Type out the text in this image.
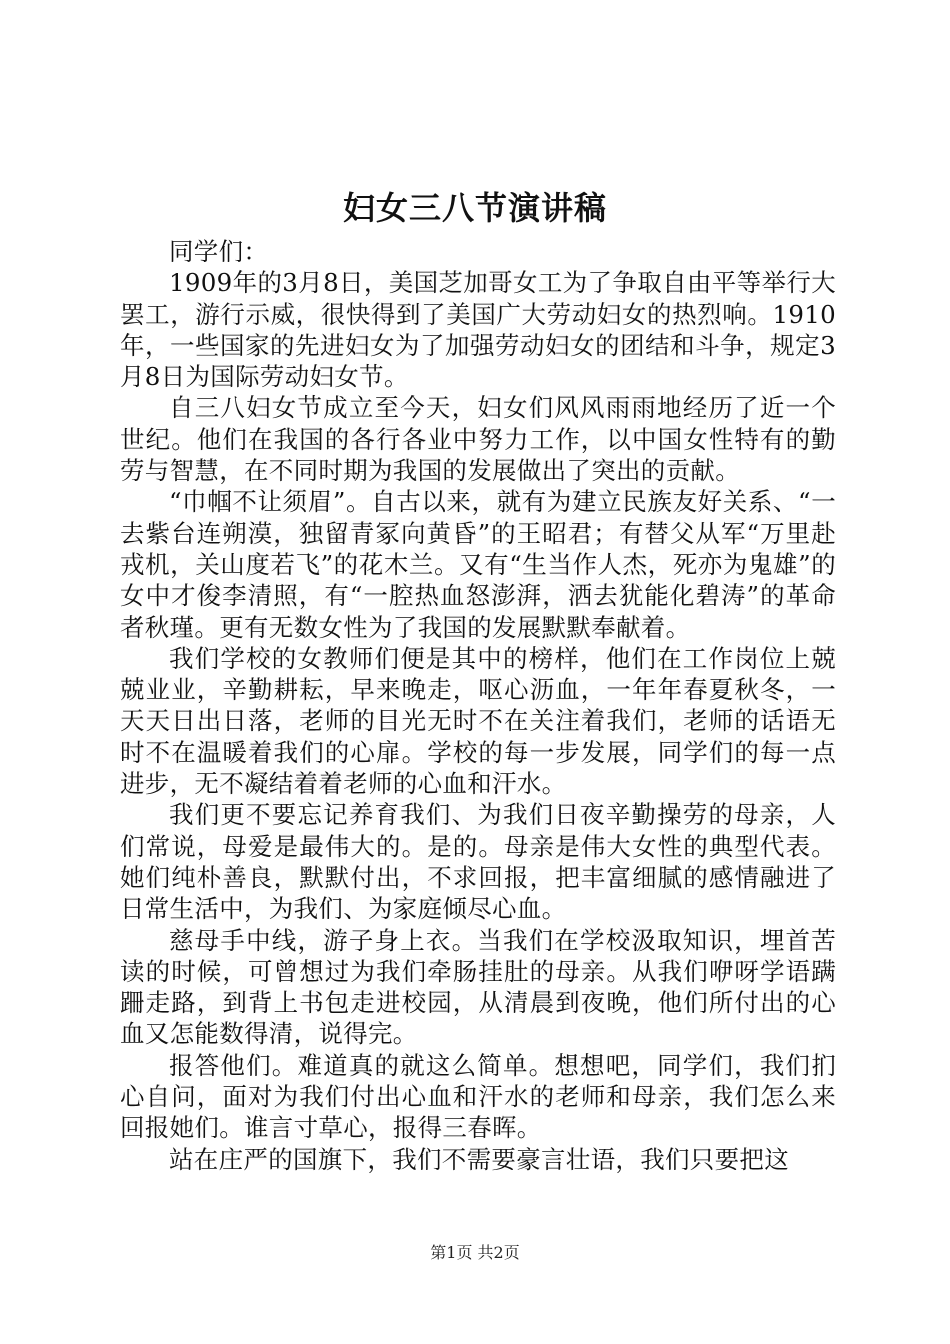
妇女三八节演讲稿

同学们：

1909年的3月8日，美国芝加哥女工为了争取自由平等举行大罢工，游行示威，很快得到了美国广大劳动妇女的热烈响。1910年，一些国家的先进妇女为了加强劳动妇女的团结和斗争，规定3月8日为国际劳动妇女节。

自三八妇女节成立至今天，妇女们风风雨雨地经历了近一个世纪。他们在我国的各行各业中努力工作，以中国女性特有的勤劳与智慧，在不同时期为我国的发展做出了突出的贡献。

“巾帼不让须眉”。自古以来，就有为建立民族友好关系、“一去紫台连朔漠，独留青冢向黄昏”的王昭君；有替父从军“万里赴戎机，关山度若飞”的花木兰。又有“生当作人杰，死亦为鬼雄”的女中才俊李清照，有“一腔热血怒澎湃，洒去犹能化碧涛”的革命者秋瑾。更有无数女性为了我国的发展默默奉献着。

我们学校的女教师们便是其中的榜样，他们在工作岗位上兢兢业业，辛勤耕耘，早来晚走，呕心沥血，一年年春夏秋冬，一天天日出日落，老师的目光无时不在关注着我们，老师的话语无时不在温暖着我们的心扉。学校的每一步发展，同学们的每一点进步，无不凝结着着老师的心血和汗水。

我们更不要忘记养育我们、为我们日夜辛勤操劳的母亲，人们常说，母爱是最伟大的。是的。母亲是伟大女性的典型代表。她们纯朴善良，默默付出，不求回报，把丰富细腻的感情融进了日常生活中，为我们、为家庭倾尽心血。

慈母手中线，游子身上衣。当我们在学校汲取知识，埋首苦读的时候，可曾想过为我们牵肠挂肚的母亲。从我们咿呀学语蹒跚走路，到背上书包走进校园，从清晨到夜晚，他们所付出的心血又怎能数得清，说得完。

报答他们。难道真的就这么简单。想想吧，同学们，我们扪心自问，面对为我们付出心血和汗水的老师和母亲，我们怎么来回报她们。谁言寸草心，报得三春晖。

站在庄严的国旗下，我们不需要豪言壮语，我们只要把这

第1页 共2页
